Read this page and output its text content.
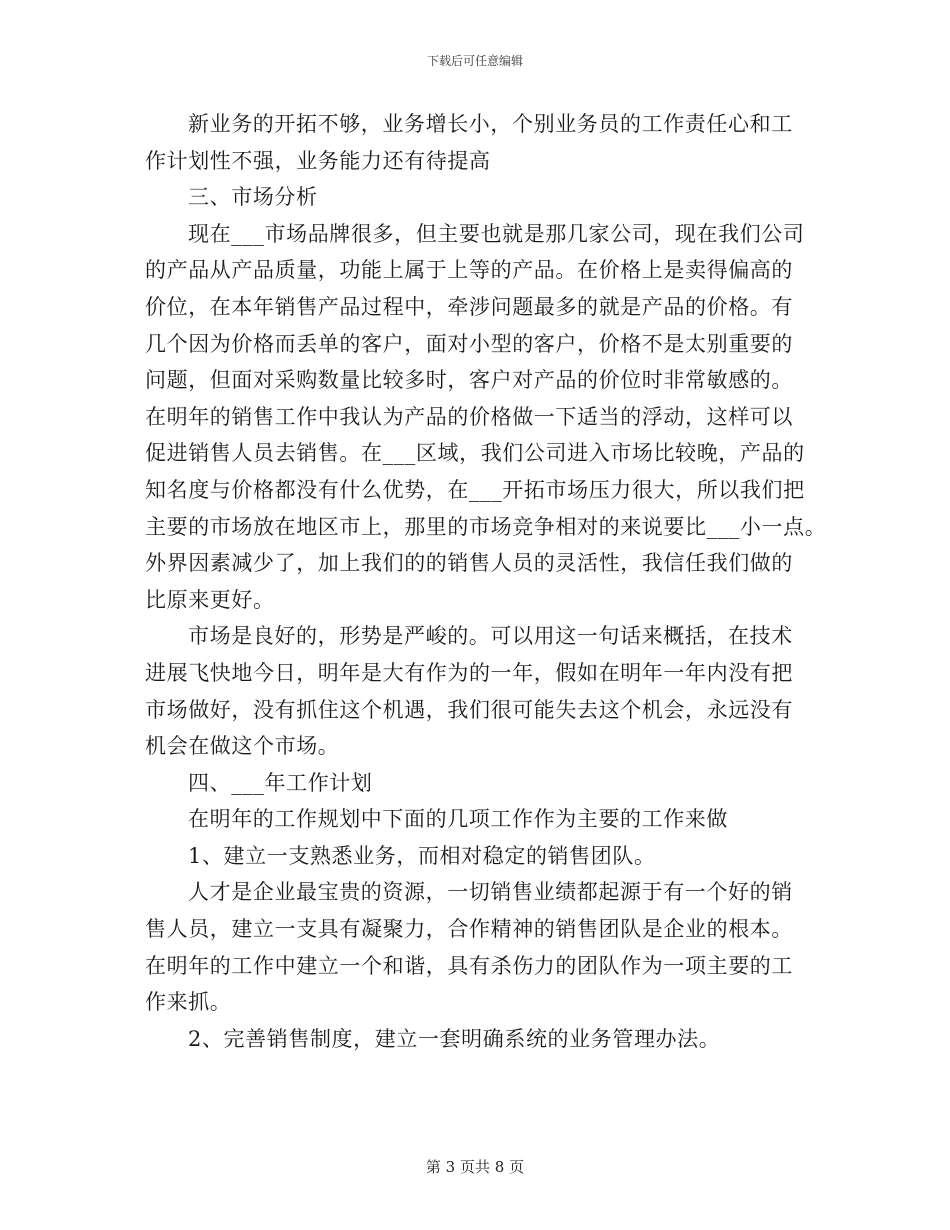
下载后可任意编辑
新业务的开拓不够，业务增长小，个别业务员的工作责任心和工
作计划性不强，业务能力还有待提高
三、市场分析
现在___市场品牌很多，但主要也就是那几家公司，现在我们公司
的产品从产品质量，功能上属于上等的产品。在价格上是卖得偏高的
价位，在本年销售产品过程中，牵涉问题最多的就是产品的价格。有
几个因为价格而丢单的客户，面对小型的客户，价格不是太别重要的
问题，但面对采购数量比较多时，客户对产品的价位时非常敏感的。
在明年的销售工作中我认为产品的价格做一下适当的浮动，这样可以
促进销售人员去销售。在___区域，我们公司进入市场比较晚，产品的
知名度与价格都没有什么优势，在___开拓市场压力很大，所以我们把
主要的市场放在地区市上，那里的市场竞争相对的来说要比___小一点。
外界因素减少了，加上我们的的销售人员的灵活性，我信任我们做的
比原来更好。
市场是良好的，形势是严峻的。可以用这一句话来概括，在技术
进展飞快地今日，明年是大有作为的一年，假如在明年一年内没有把
市场做好，没有抓住这个机遇，我们很可能失去这个机会，永远没有
机会在做这个市场。
四、___年工作计划
在明年的工作规划中下面的几项工作作为主要的工作来做
1、建立一支熟悉业务，而相对稳定的销售团队。
人才是企业最宝贵的资源，一切销售业绩都起源于有一个好的销
售人员，建立一支具有凝聚力，合作精神的销售团队是企业的根本。
在明年的工作中建立一个和谐，具有杀伤力的团队作为一项主要的工
作来抓。
2、完善销售制度，建立一套明确系统的业务管理办法。
第 3 页共 8 页
